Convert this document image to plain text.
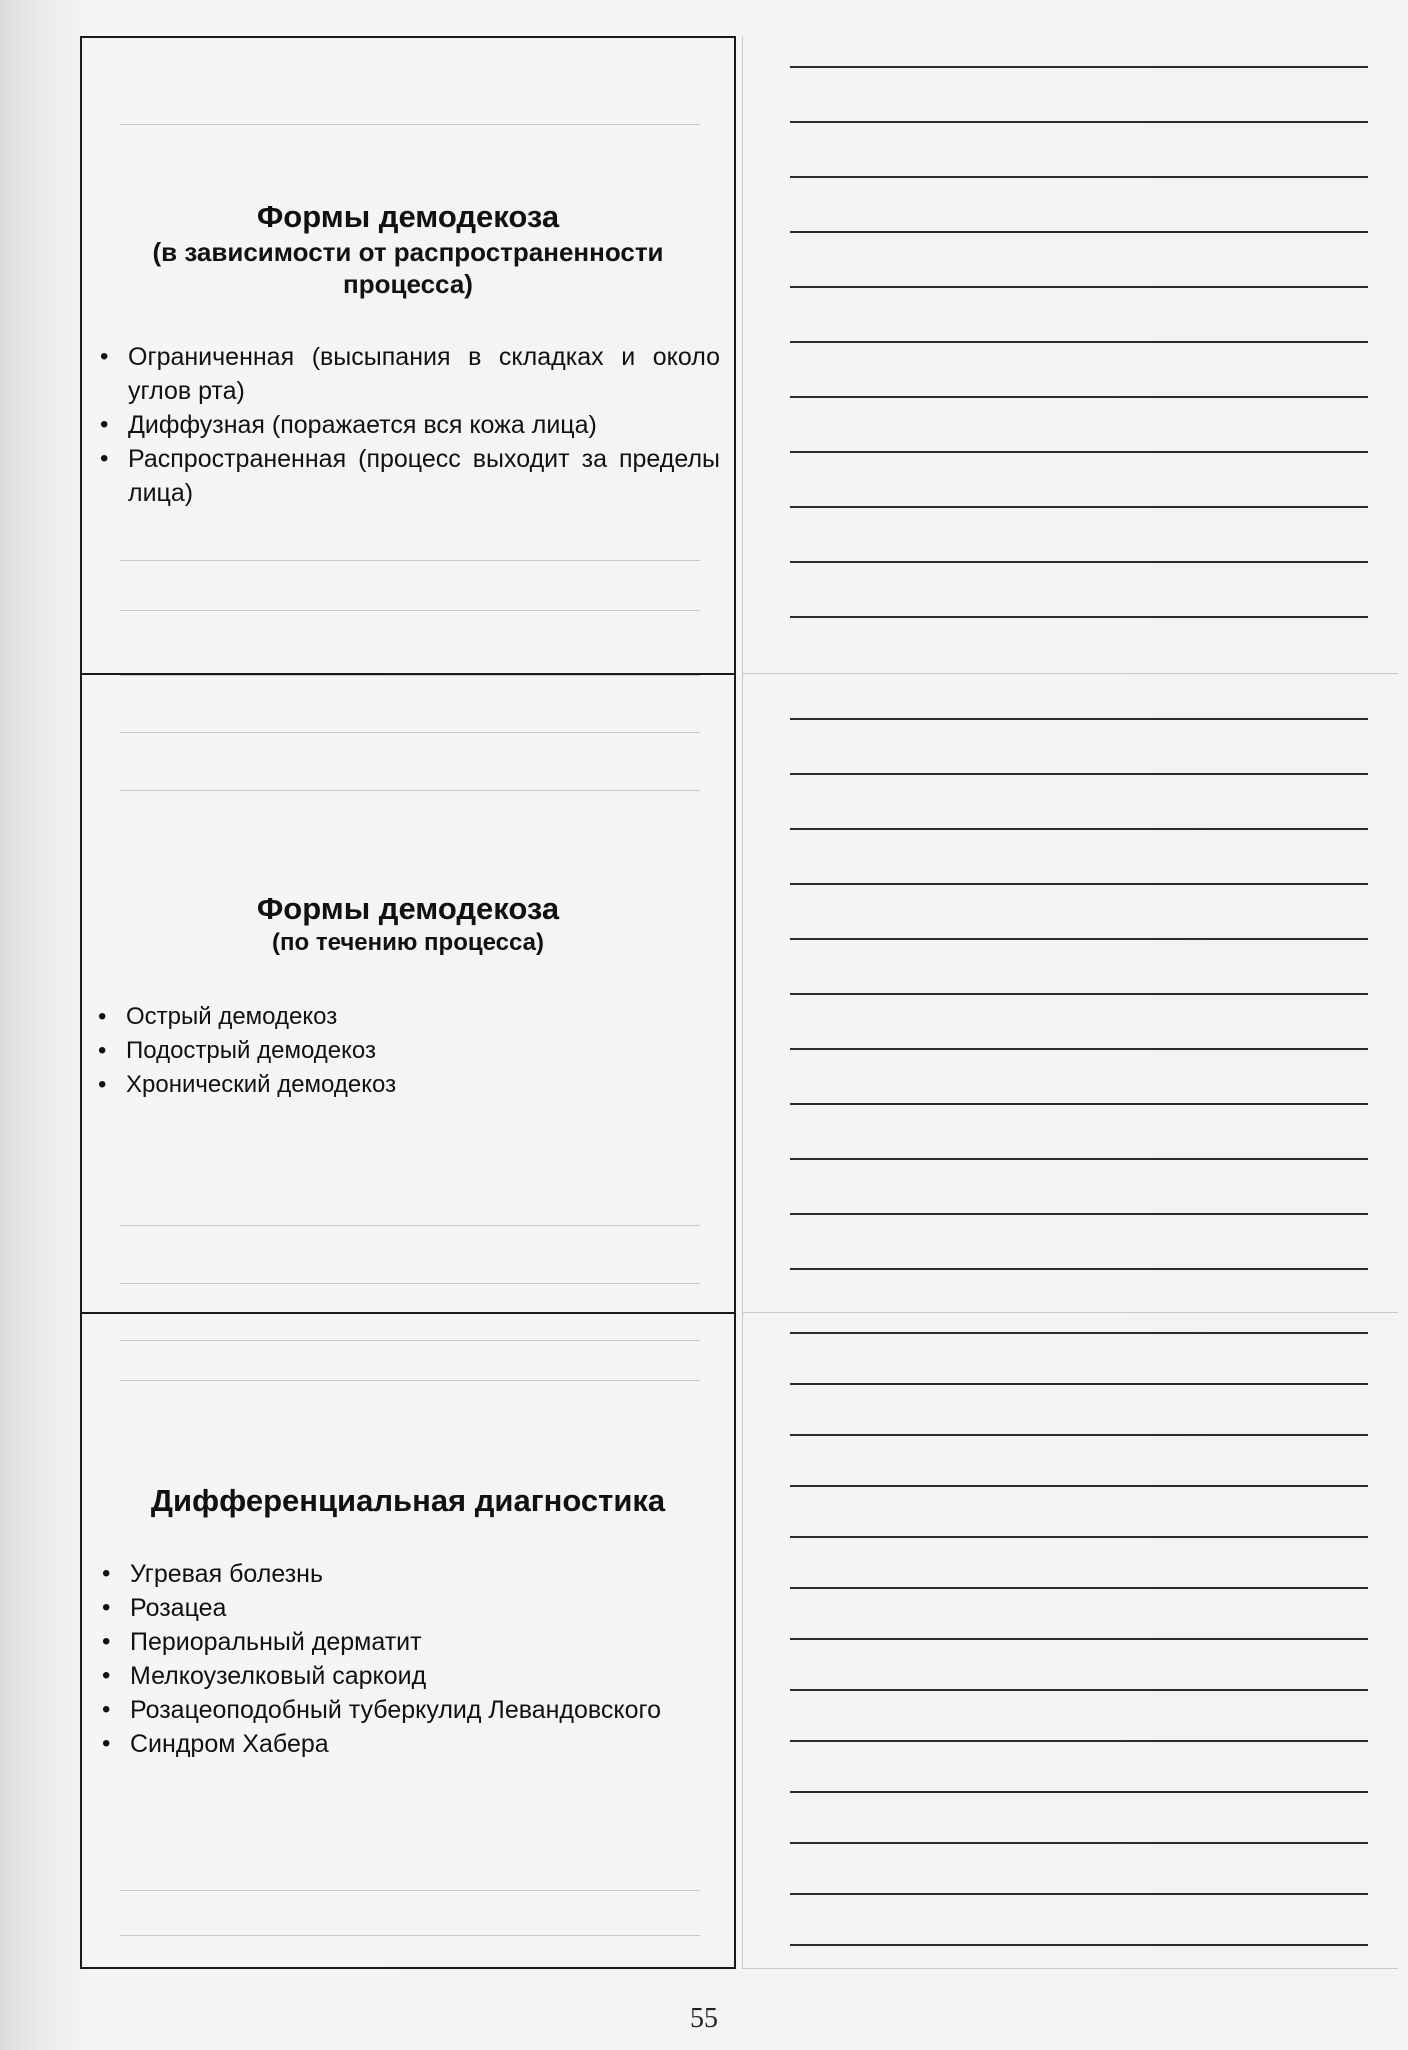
Формы демодекоза
(в зависимости от распространенности процесса)
• Ограниченная (высыпания в складках и около углов рта)
• Диффузная (поражается вся кожа лица)
• Распространенная (процесс выходит за пределы лица)
Формы демодекоза
(по течению процесса)
• Острый демодекоз
• Подострый демодекоз
• Хронический демодекоз
Дифференциальная диагностика
• Угревая болезнь
• Розацеа
• Периоральный дерматит
• Мелкоузелковый саркоид
• Розацеоподобный туберкулид Левандовского
• Синдром Хабера
55
